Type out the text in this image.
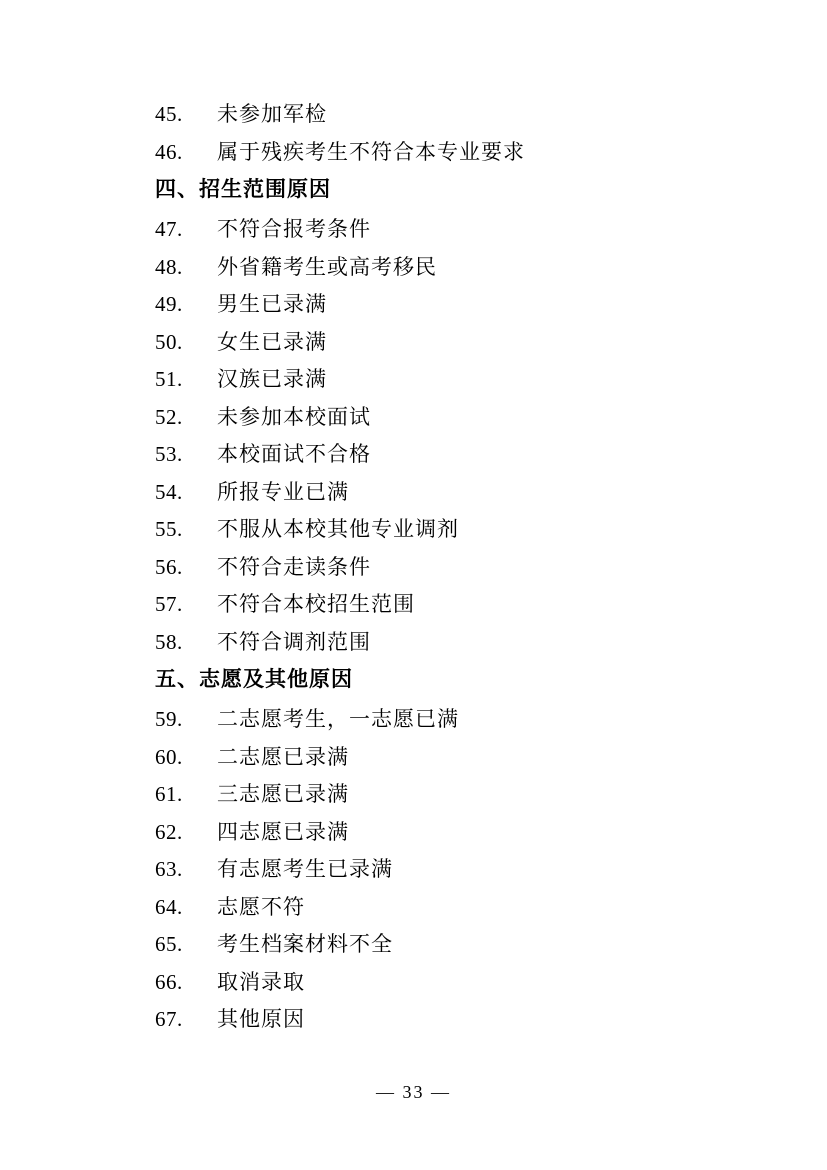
45.	未参加军检
46.	属于残疾考生不符合本专业要求
四、 招生范围原因
47.	不符合报考条件
48.	外省籍考生或高考移民
49.	男生已录满
50.	女生已录满
51.	汉族已录满
52.	未参加本校面试
53.	本校面试不合格
54.	所报专业已满
55.	不服从本校其他专业调剂
56.	不符合走读条件
57.	不符合本校招生范围
58.	不符合调剂范围
五、 志愿及其他原因
59.	二志愿考生，一志愿已满
60.	二志愿已录满
61.	三志愿已录满
62.	四志愿已录满
63.	有志愿考生已录满
64.	志愿不符
65.	考生档案材料不全
66.	取消录取
67.	其他原因
— 33 —
